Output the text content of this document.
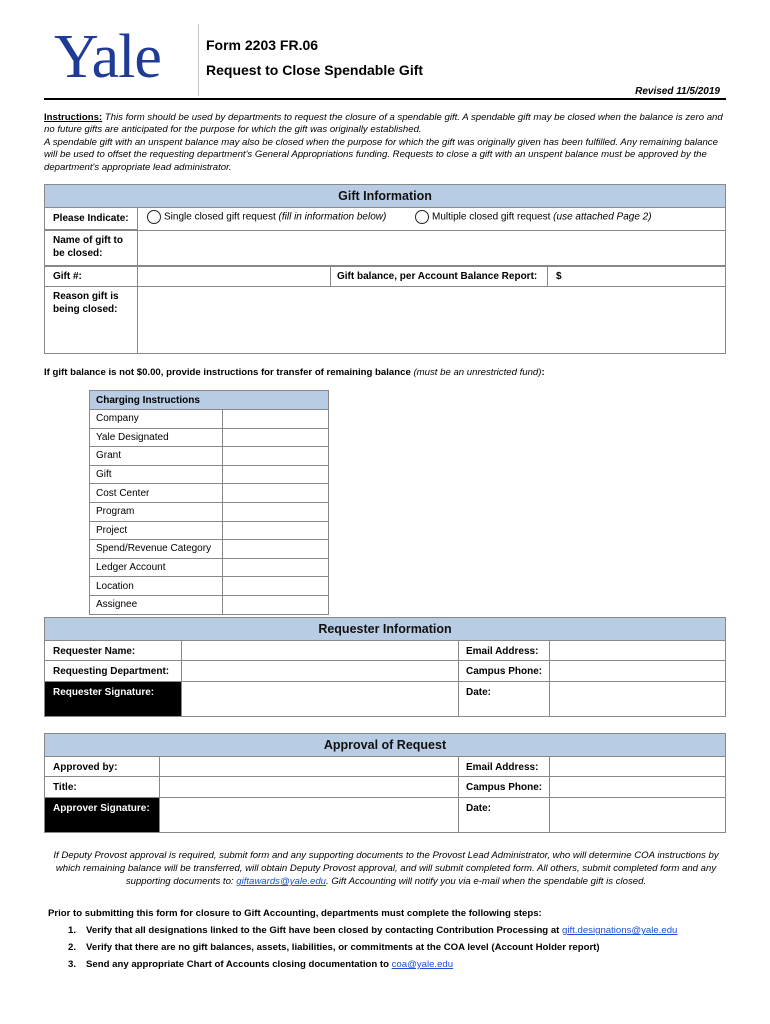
Yale	Form 2203 FR.06
Request to Close Spendable Gift
Revised 11/5/2019
Instructions: This form should be used by departments to request the closure of a spendable gift. A spendable gift may be closed when the balance is zero and no future gifts are anticipated for the purpose for which the gift was originally established.
A spendable gift with an unspent balance may also be closed when the purpose for which the gift was originally given has been fulfilled. Any remaining balance will be used to offset the requesting department's General Appropriations funding. Requests to close a gift with an unspent balance must be approved by the department's appropriate lead administrator.
Gift Information
Please Indicate:	Single closed gift request (fill in information below)	Multiple closed gift request (use attached Page 2)
Name of gift to be closed:
Gift #:	Gift balance, per Account Balance Report:	$
Reason gift is being closed:
If gift balance is not $0.00, provide instructions for transfer of remaining balance (must be an unrestricted fund):
Charging Instructions	
Company	
Yale Designated	
Grant	
Gift	
Cost Center	
Program	
Project	
Spend/Revenue Category	
Ledger Account	
Location	
Assignee	
Requester Information
Requester Name:	Email Address:
Requesting Department:	Campus Phone:
Requester Signature:	Date:
Approval of Request
Approved by:	Email Address:
Title:	Campus Phone:
Approver Signature:	Date:
If Deputy Provost approval is required, submit form and any supporting documents to the Provost Lead Administrator, who will determine COA instructions by which remaining balance will be transferred, will obtain Deputy Provost approval, and will submit completed form. All others, submit completed form and any supporting documents to: giftawards@yale.edu. Gift Accounting will notify you via e-mail when the spendable gift is closed.
Prior to submitting this form for closure to Gift Accounting, departments must complete the following steps:
1. Verify that all designations linked to the Gift have been closed by contacting Contribution Processing at gift.designations@yale.edu
2. Verify that there are no gift balances, assets, liabilities, or commitments at the COA level (Account Holder report)
3. Send any appropriate Chart of Accounts closing documentation to coa@yale.edu
